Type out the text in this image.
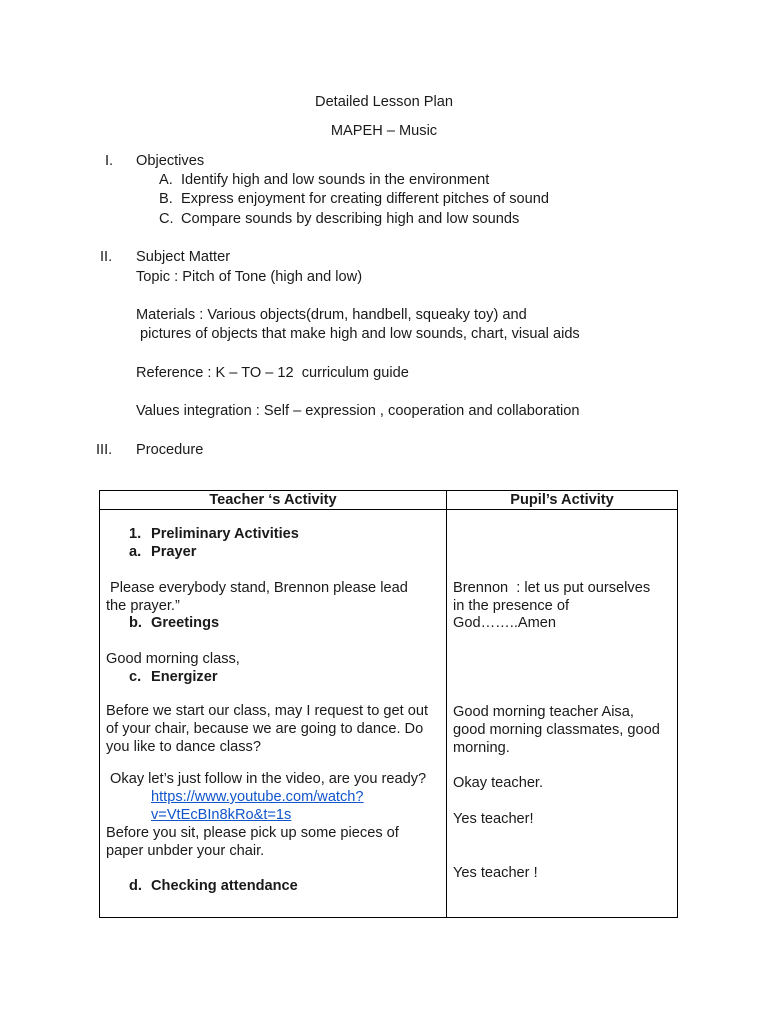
Detailed Lesson Plan
MAPEH – Music
I. Objectives
A. Identify high and low sounds in the environment
B. Express enjoyment for creating different pitches of sound
C. Compare sounds by describing high and low sounds
II. Subject Matter
Topic : Pitch of Tone (high and low)
Materials : Various objects(drum, handbell, squeaky toy) and
pictures of objects that make high and low sounds, chart, visual aids
Reference : K – TO – 12  curriculum guide
Values integration : Self – expression , cooperation and collaboration
III. Procedure
Teacher ‘s Activity	Pupil’s Activity
1. Preliminary Activities
a. Prayer
Please everybody stand, Brennon please lead
the prayer.”
b. Greetings
Good morning class,
c. Energizer
Before we start our class, may I request to get out
of your chair, because we are going to dance. Do
you like to dance class?
Okay let’s just follow in the video, are you ready?
https://www.youtube.com/watch?
v=VtEcBIn8kRo&t=1s
Before you sit, please pick up some pieces of
paper unbder your chair.
d. Checking attendance
Brennon  : let us put ourselves
in the presence of
God……..Amen
Good morning teacher Aisa,
good morning classmates, good
morning.
Okay teacher.
Yes teacher!
Yes teacher !
